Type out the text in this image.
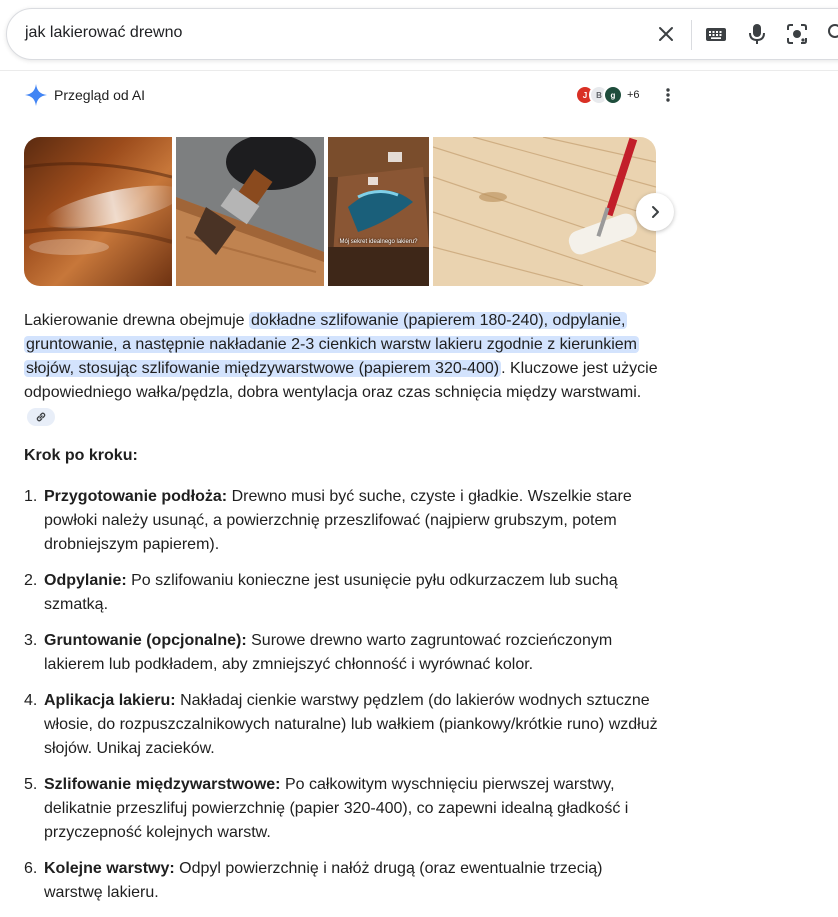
jak lakierować drewno
Przegląd od AI	J	B	g	+6
Mój sekret idealnego lakieru?
Lakierowanie drewna obejmuje dokładne szlifowanie (papierem 180-240), odpylanie, gruntowanie, a następnie nakładanie 2-3 cienkich warstw lakieru zgodnie z kierunkiem słojów, stosując szlifowanie międzywarstwowe (papierem 320-400) . Kluczowe jest użycie odpowiedniego wałka/pędzla, dobra wentylacja oraz czas schnięcia między warstwami.
Krok po kroku:
1. Przygotowanie podłoża: Drewno musi być suche, czyste i gładkie. Wszelkie stare powłoki należy usunąć, a powierzchnię przeszlifować (najpierw grubszym, potem drobniejszym papierem).
2. Odpylanie: Po szlifowaniu konieczne jest usunięcie pyłu odkurzaczem lub suchą szmatką.
3. Gruntowanie (opcjonalne): Surowe drewno warto zagruntować rozcieńczonym lakierem lub podkładem, aby zmniejszyć chłonność i wyrównać kolor.
4. Aplikacja lakieru: Nakładaj cienkie warstwy pędzlem (do lakierów wodnych sztuczne włosie, do rozpuszczalnikowych naturalne) lub wałkiem (piankowy/krótkie runo) wzdłuż słojów. Unikaj zacieków.
5. Szlifowanie międzywarstwowe: Po całkowitym wyschnięciu pierwszej warstwy, delikatnie przeszlifuj powierzchnię (papier 320-400), co zapewni idealną gładkość i przyczepność kolejnych warstw.
6. Kolejne warstwy: Odpyl powierzchnię i nałóż drugą (oraz ewentualnie trzecią) warstwę lakieru.
